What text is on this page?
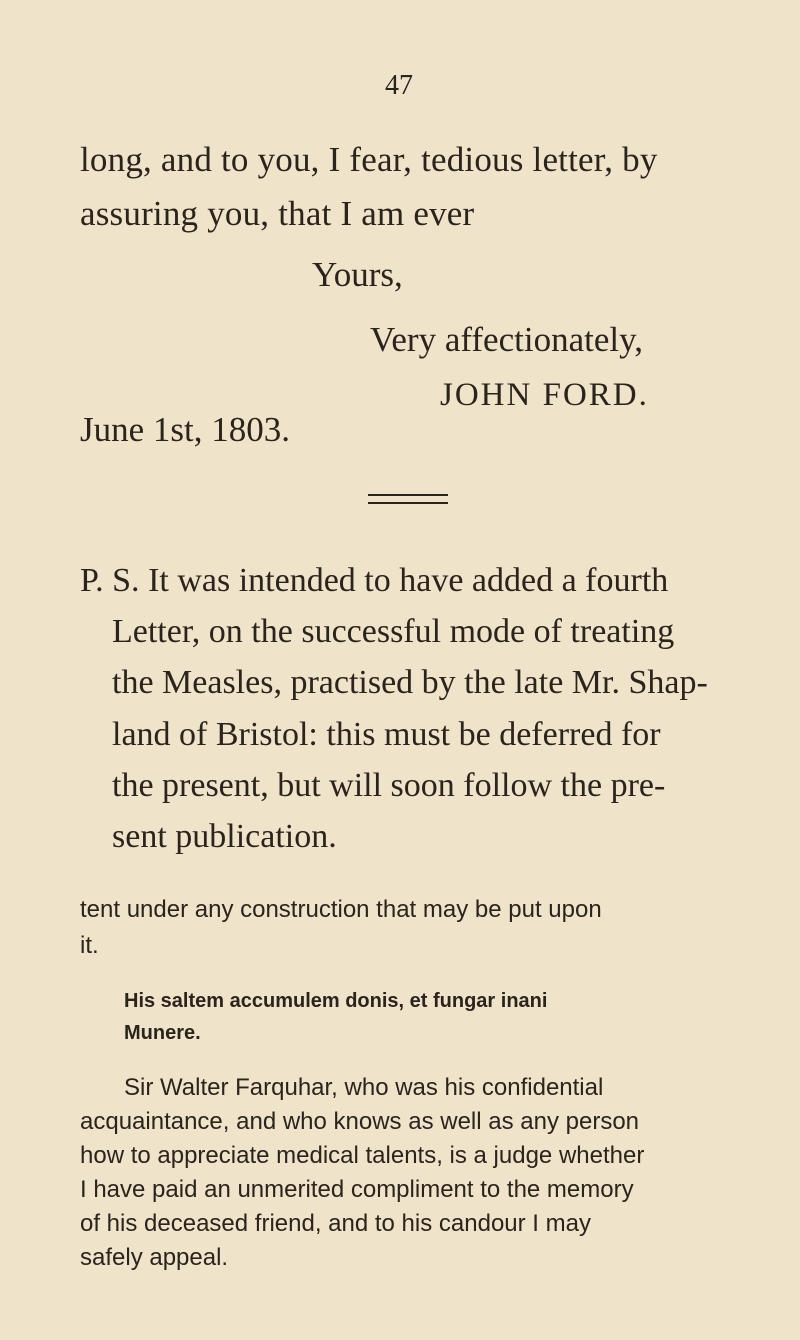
47
long, and to you, I fear, tedious letter, by
assuring you, that I am ever
Yours,
Very affectionately,
JOHN FORD.
June 1st, 1803.
P. S. It was intended to have added a fourth
Letter, on the successful mode of treating
the Measles, practised by the late Mr. Shap-
land of Bristol: this must be deferred for
the present, but will soon follow the pre-
sent publication.
tent under any construction that may be put upon
it.
His saltem accumulem donis, et fungar inani
Munere.
Sir Walter Farquhar, who was his confidential
acquaintance, and who knows as well as any person
how to appreciate medical talents, is a judge whether
I have paid an unmerited compliment to the memory
of his deceased friend, and to his candour I may
safely appeal.
